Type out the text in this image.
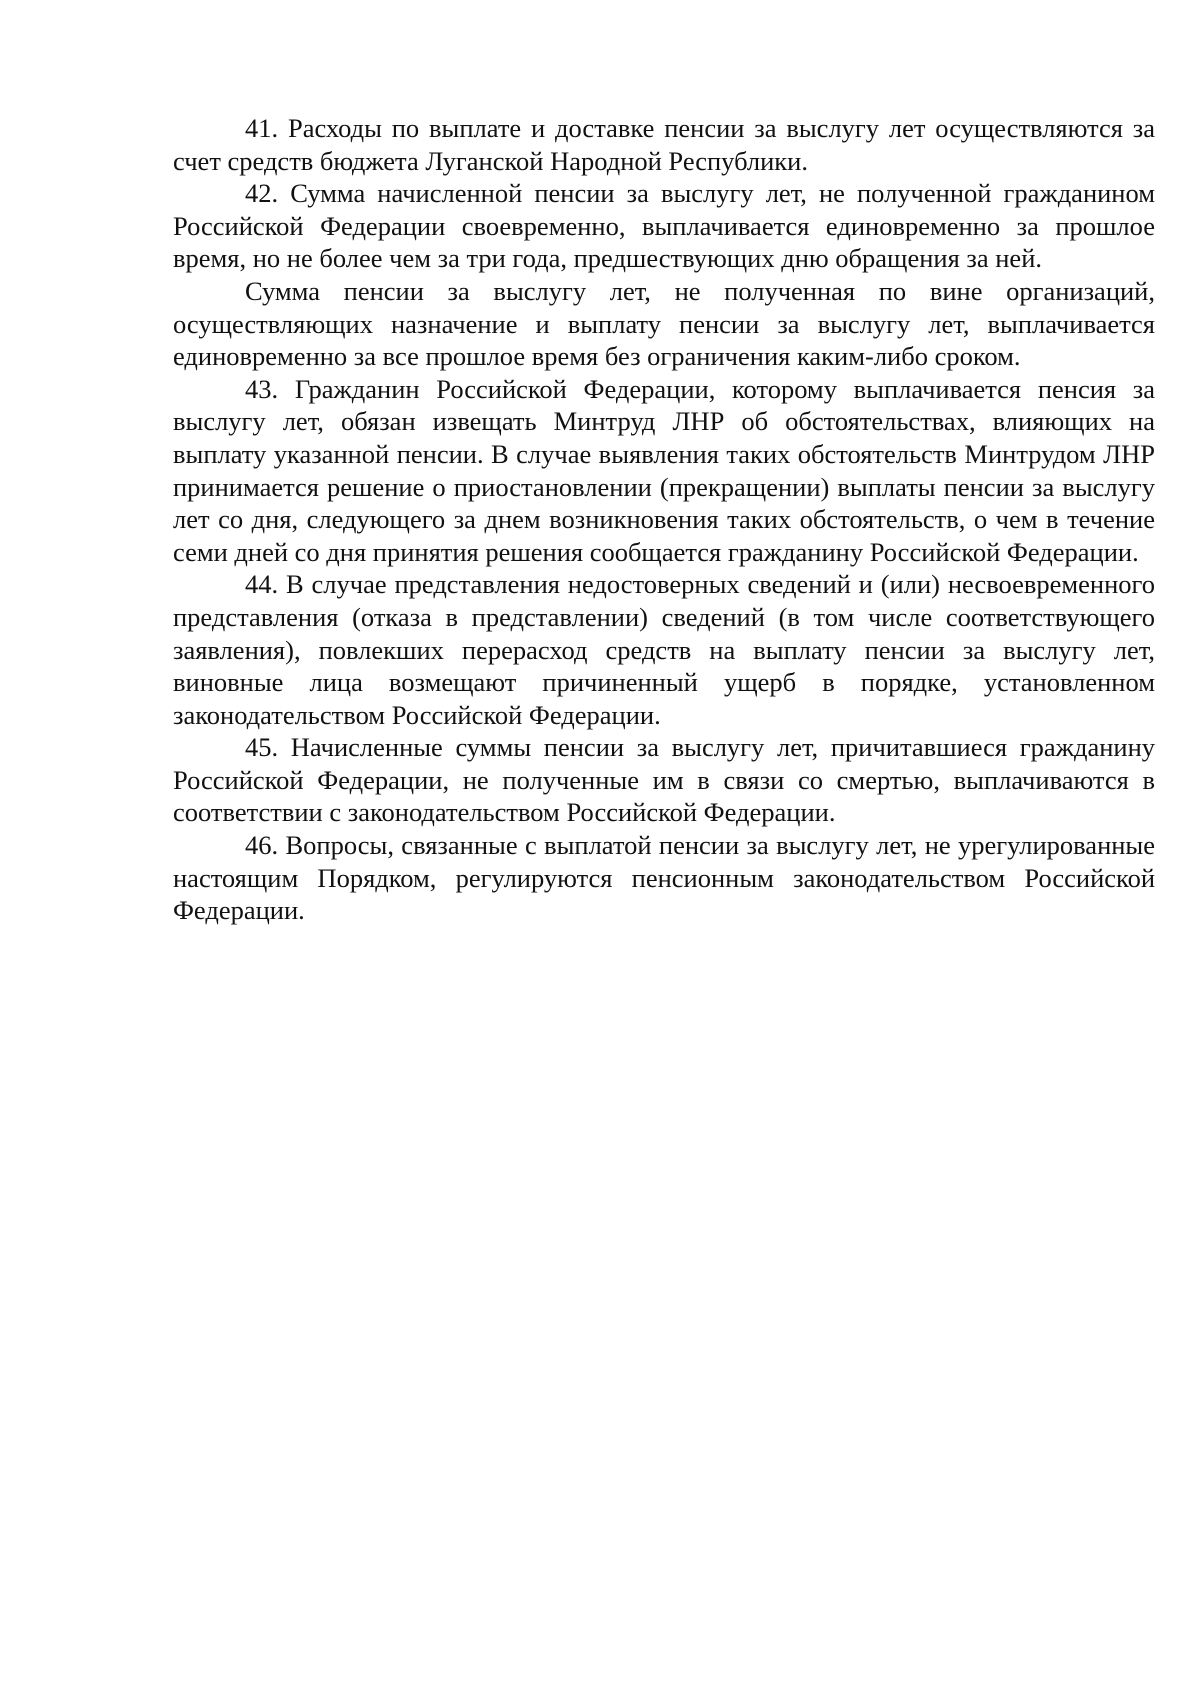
41. Расходы по выплате и доставке пенсии за выслугу лет осуществляются за счет средств бюджета Луганской Народной Республики.

42. Сумма начисленной пенсии за выслугу лет, не полученной гражданином Российской Федерации своевременно, выплачивается единовременно за прошлое время, но не более чем за три года, предшествующих дню обращения за ней.

Сумма пенсии за выслугу лет, не полученная по вине организаций, осуществляющих назначение и выплату пенсии за выслугу лет, выплачивается единовременно за все прошлое время без ограничения каким-либо сроком.

43. Гражданин Российской Федерации, которому выплачивается пенсия за выслугу лет, обязан извещать Минтруд ЛНР об обстоятельствах, влияющих на выплату указанной пенсии. В случае выявления таких обстоятельств Минтрудом ЛНР принимается решение о приостановлении (прекращении) выплаты пенсии за выслугу лет со дня, следующего за днем возникновения таких обстоятельств, о чем в течение семи дней со дня принятия решения сообщается гражданину Российской Федерации.

44. В случае представления недостоверных сведений и (или) несвоевременного представления (отказа в представлении) сведений (в том числе соответствующего заявления), повлекших перерасход средств на выплату пенсии за выслугу лет, виновные лица возмещают причиненный ущерб в порядке, установленном законодательством Российской Федерации.

45. Начисленные суммы пенсии за выслугу лет, причитавшиеся гражданину Российской Федерации, не полученные им в связи со смертью, выплачиваются в соответствии с законодательством Российской Федерации.

46. Вопросы, связанные с выплатой пенсии за выслугу лет, не урегулированные настоящим Порядком, регулируются пенсионным законодательством Российской Федерации.
